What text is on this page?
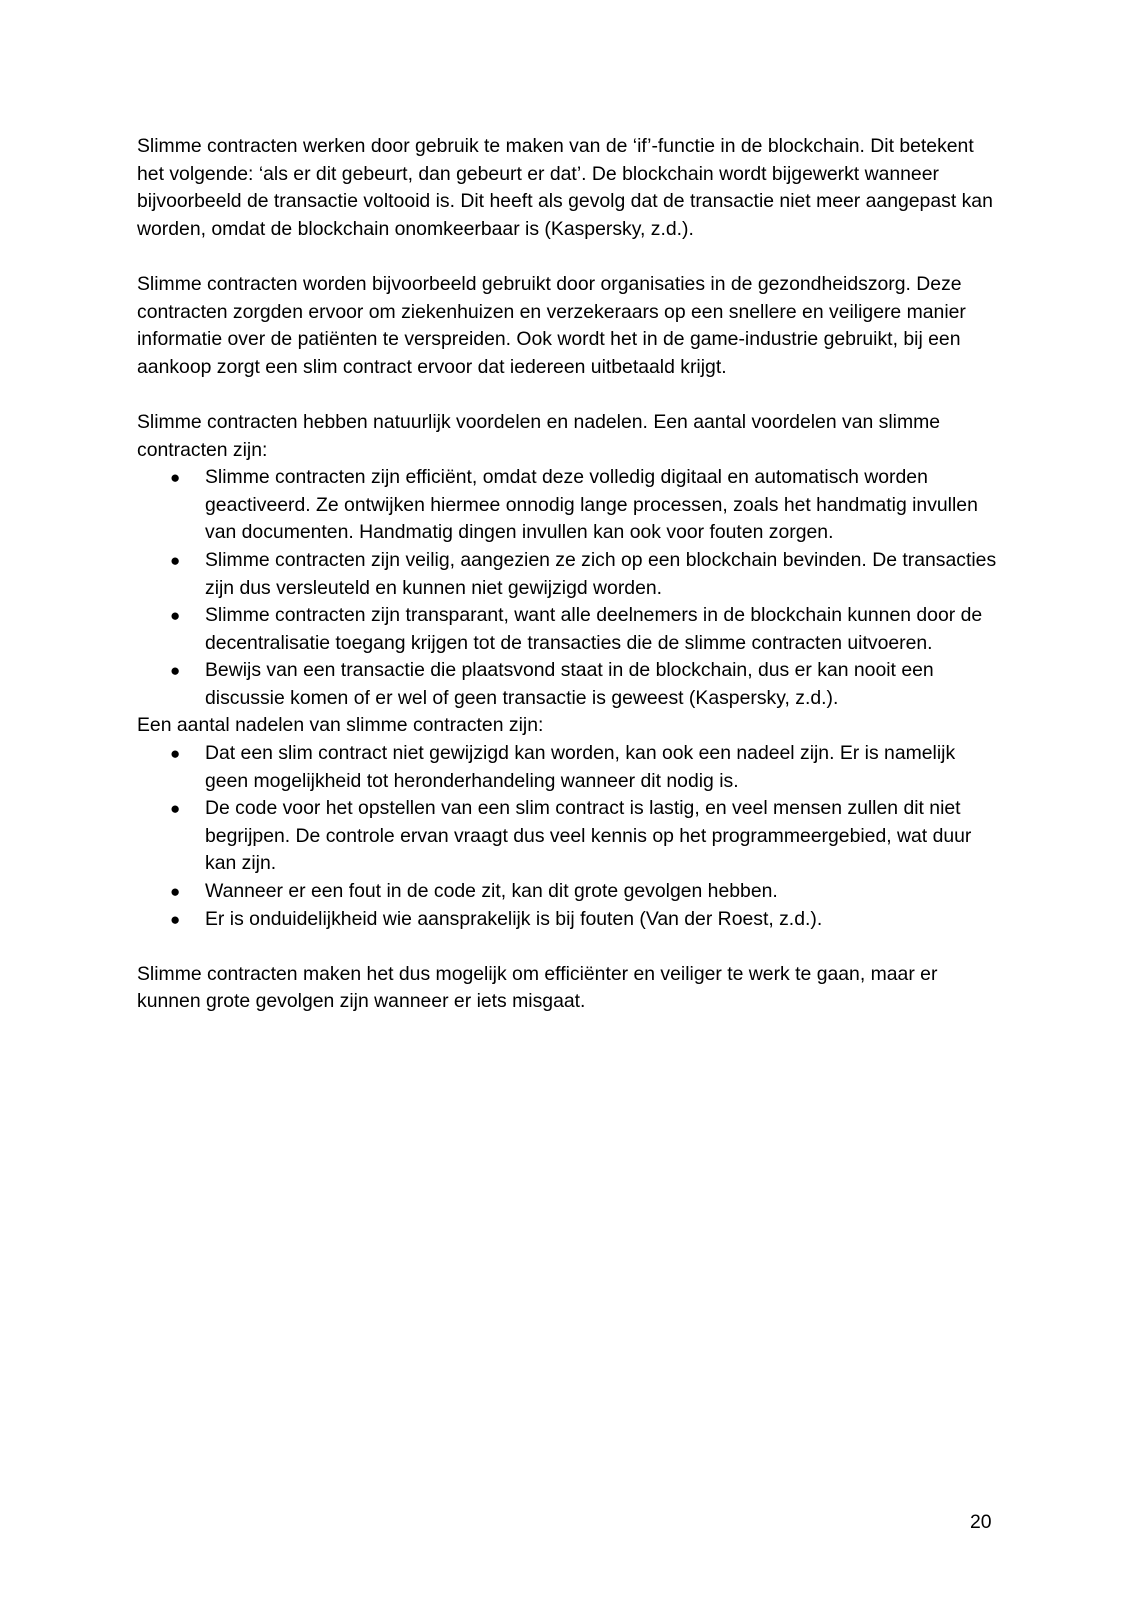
Slimme contracten werken door gebruik te maken van de ‘if’-functie in de blockchain. Dit betekent het volgende: ‘als er dit gebeurt, dan gebeurt er dat’. De blockchain wordt bijgewerkt wanneer bijvoorbeeld de transactie voltooid is. Dit heeft als gevolg dat de transactie niet meer aangepast kan worden, omdat de blockchain onomkeerbaar is (Kaspersky, z.d.).

Slimme contracten worden bijvoorbeeld gebruikt door organisaties in de gezondheidszorg. Deze contracten zorgden ervoor om ziekenhuizen en verzekeraars op een snellere en veiligere manier informatie over de patiënten te verspreiden. Ook wordt het in de game-industrie gebruikt, bij een aankoop zorgt een slim contract ervoor dat iedereen uitbetaald krijgt.

Slimme contracten hebben natuurlijk voordelen en nadelen. Een aantal voordelen van slimme contracten zijn:

● Slimme contracten zijn efficiënt, omdat deze volledig digitaal en automatisch worden geactiveerd. Ze ontwijken hiermee onnodig lange processen, zoals het handmatig invullen van documenten. Handmatig dingen invullen kan ook voor fouten zorgen.
● Slimme contracten zijn veilig, aangezien ze zich op een blockchain bevinden. De transacties zijn dus versleuteld en kunnen niet gewijzigd worden.
● Slimme contracten zijn transparant, want alle deelnemers in de blockchain kunnen door de decentralisatie toegang krijgen tot de transacties die de slimme contracten uitvoeren.
● Bewijs van een transactie die plaatsvond staat in de blockchain, dus er kan nooit een discussie komen of er wel of geen transactie is geweest (Kaspersky, z.d.).

Een aantal nadelen van slimme contracten zijn:

● Dat een slim contract niet gewijzigd kan worden, kan ook een nadeel zijn. Er is namelijk geen mogelijkheid tot heronderhandeling wanneer dit nodig is.
● De code voor het opstellen van een slim contract is lastig, en veel mensen zullen dit niet begrijpen. De controle ervan vraagt dus veel kennis op het programmeergebied, wat duur kan zijn.
● Wanneer er een fout in de code zit, kan dit grote gevolgen hebben.
● Er is onduidelijkheid wie aansprakelijk is bij fouten (Van der Roest, z.d.).

Slimme contracten maken het dus mogelijk om efficiënter en veiliger te werk te gaan, maar er kunnen grote gevolgen zijn wanneer er iets misgaat.

20
